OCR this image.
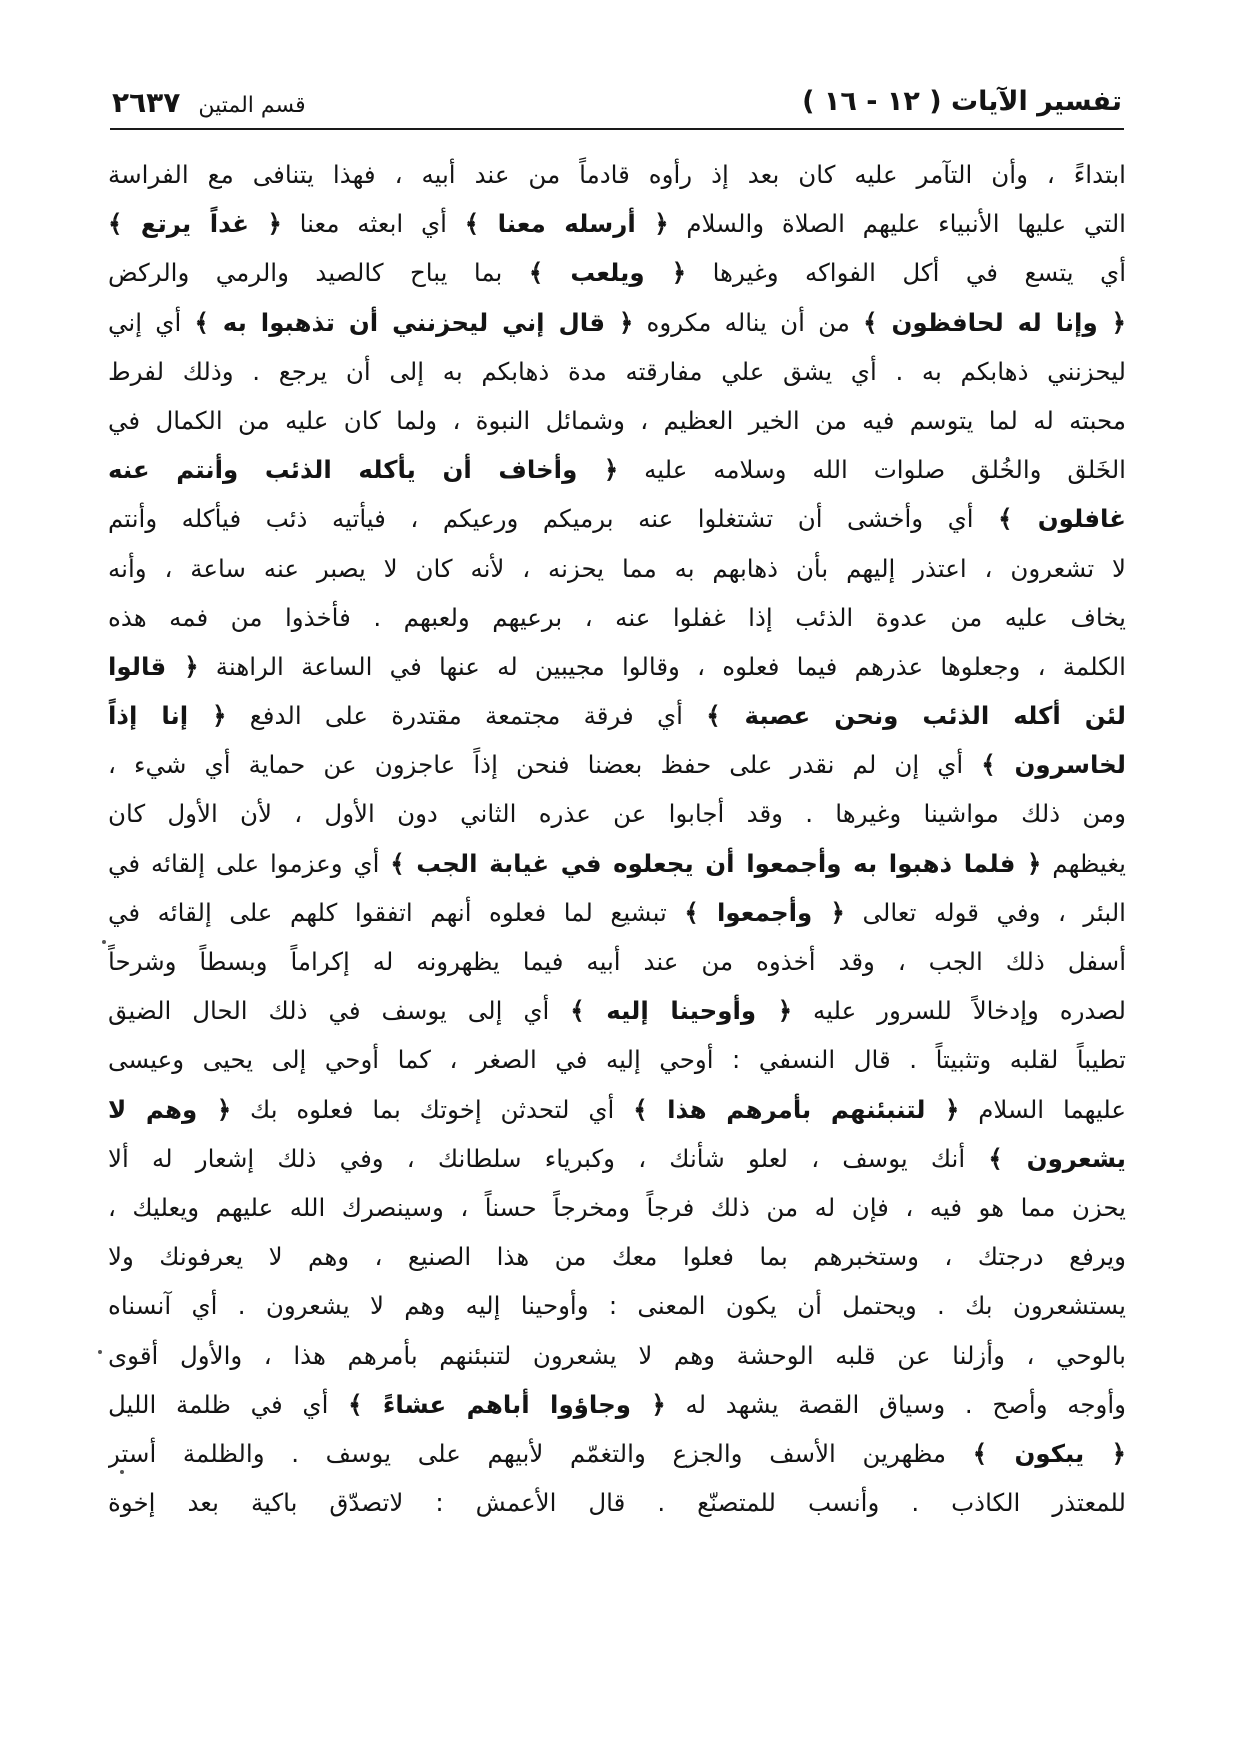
تفسير الآيات ( ١٢ - ١٦ )
قسم المتين٢٦٣٧
ابتداءً ، وأن التآمر عليه كان بعد إذ رأوه قادماً من عند أبيه ، فهذا يتنافى مع الفراسة
التي عليها الأنبياء عليهم الصلاة والسلام ﴿ أرسله معنا ﴾ أي ابعثه معنا ﴿ غداً يرتع ﴾
أي يتسع في أكل الفواكه وغيرها ﴿ ويلعب ﴾ بما يباح كالصيد والرمي والركض
﴿ وإنا له لحافظون ﴾ من أن يناله مكروه ﴿ قال إني ليحزنني أن تذهبوا به ﴾ أي إني
ليحزنني ذهابكم به . أي يشق علي مفارقته مدة ذهابكم به إلى أن يرجع . وذلك لفرط
محبته له لما يتوسم فيه من الخير العظيم ، وشمائل النبوة ، ولما كان عليه من الكمال في
الخَلق والخُلق صلوات الله وسلامه عليه ﴿ وأخاف أن يأكله الذئب وأنتم عنه
غافلون ﴾ أي وأخشى أن تشتغلوا عنه برميكم ورعيكم ، فيأتيه ذئب فيأكله وأنتم
لا تشعرون ، اعتذر إليهم بأن ذهابهم به مما يحزنه ، لأنه كان لا يصبر عنه ساعة ، وأنه
يخاف عليه من عدوة الذئب إذا غفلوا عنه ، برعيهم ولعبهم . فأخذوا من فمه هذه
الكلمة ، وجعلوها عذرهم فيما فعلوه ، وقالوا مجيبين له عنها في الساعة الراهنة ﴿ قالوا
لئن أكله الذئب ونحن عصبة ﴾ أي فرقة مجتمعة مقتدرة على الدفع ﴿ إنا إذاً
لخاسرون ﴾ أي إن لم نقدر على حفظ بعضنا فنحن إذاً عاجزون عن حماية أي شيء ،
ومن ذلك مواشينا وغيرها . وقد أجابوا عن عذره الثاني دون الأول ، لأن الأول كان
يغيظهم ﴿ فلما ذهبوا به وأجمعوا أن يجعلوه في غيابة الجب ﴾ أي وعزموا على إلقائه في
البئر ، وفي قوله تعالى ﴿ وأجمعوا ﴾ تبشيع لما فعلوه أنهم اتفقوا كلهم على إلقائه في
أسفل ذلك الجب ، وقد أخذوه من عند أبيه فيما يظهرونه له إكراماً وبسطاً وشرحاً
لصدره وإدخالاً للسرور عليه ﴿ وأوحينا إليه ﴾ أي إلى يوسف في ذلك الحال الضيق
تطيباً لقلبه وتثبيتاً . قال النسفي : أوحي إليه في الصغر ، كما أوحي إلى يحيى وعيسى
عليهما السلام ﴿ لتنبئنهم بأمرهم هذا ﴾ أي لتحدثن إخوتك بما فعلوه بك ﴿ وهم لا
يشعرون ﴾ أنك يوسف ، لعلو شأنك ، وكبرياء سلطانك ، وفي ذلك إشعار له ألا
يحزن مما هو فيه ، فإن له من ذلك فرجاً ومخرجاً حسناً ، وسينصرك الله عليهم ويعليك ،
ويرفع درجتك ، وستخبرهم بما فعلوا معك من هذا الصنيع ، وهم لا يعرفونك ولا
يستشعرون بك . ويحتمل أن يكون المعنى : وأوحينا إليه وهم لا يشعرون . أي آنسناه
بالوحي ، وأزلنا عن قلبه الوحشة وهم لا يشعرون لتنبئنهم بأمرهم هذا ، والأول أقوى
وأوجه وأصح . وسياق القصة يشهد له ﴿ وجاؤوا أباهم عشاءً ﴾ أي في ظلمة الليل
﴿ يبكون ﴾ مظهرين الأسف والجزع والتغمّم لأبيهم على يوسف . والظلمة أستر
للمعتذر الكاذب . وأنسب للمتصنّع . قال الأعمش : لاتصدّق باكية بعد إخوة
